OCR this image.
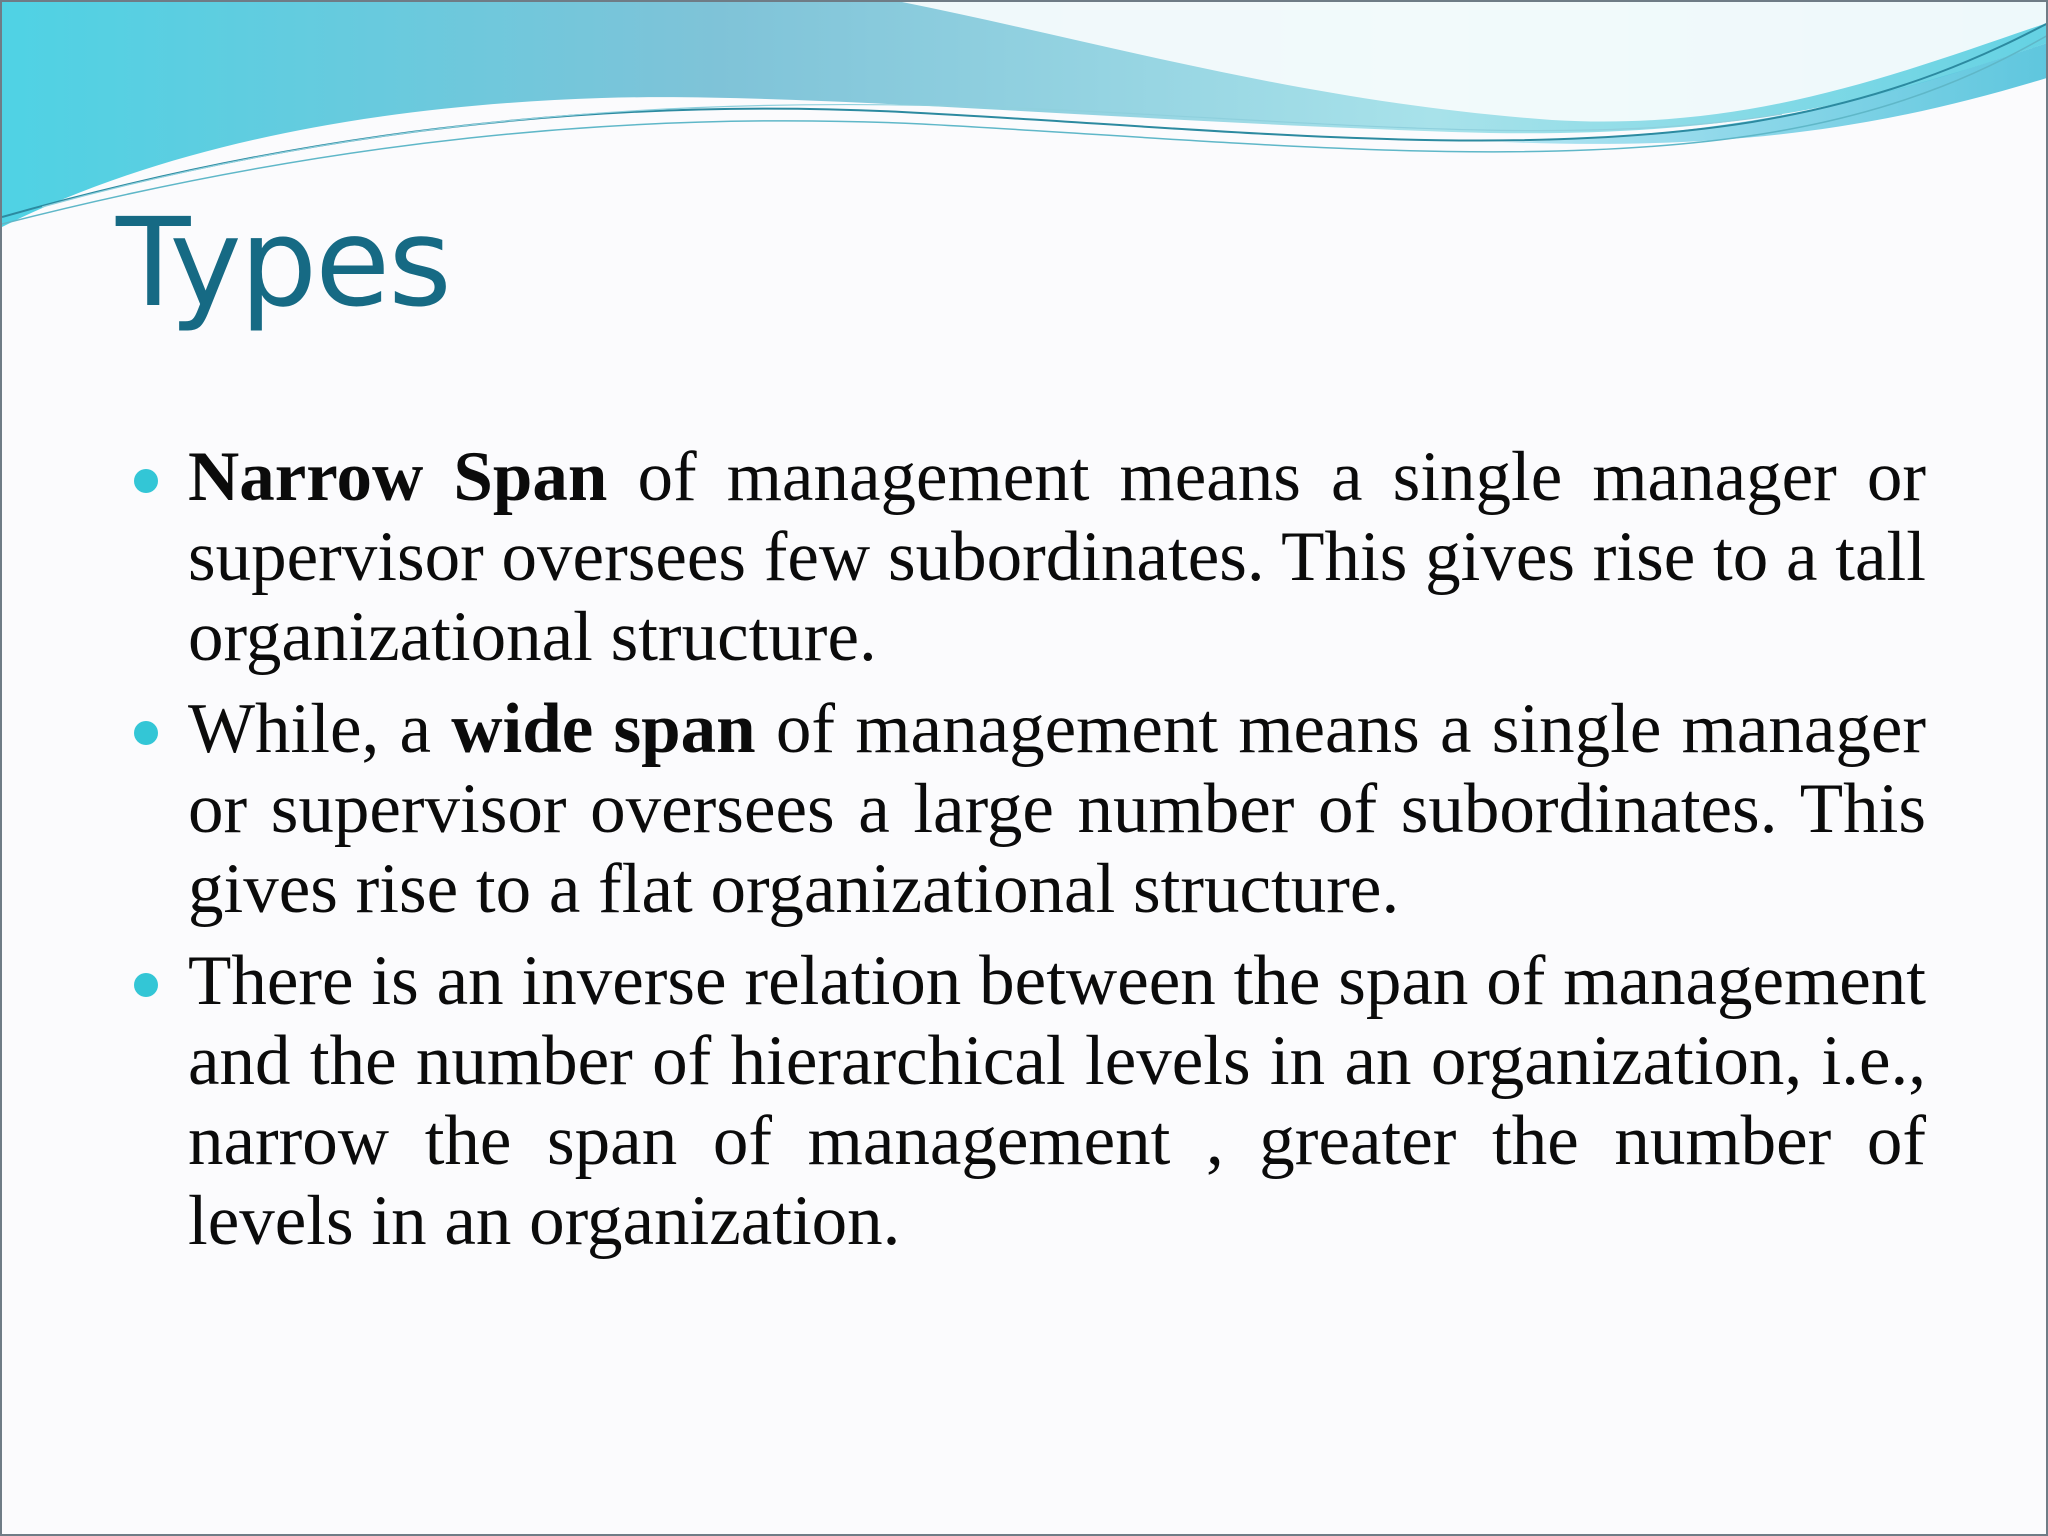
Types

Narrow Span of management means a single manager or supervisor oversees few subordinates. This gives rise to a tall organizational structure.

While, a wide span of management means a single manager or supervisor oversees a large number of subordinates. This gives rise to a flat organizational structure.

There is an inverse relation between the span of management and the number of hierarchical levels in an organization, i.e., narrow the span of management , greater the number of levels in an organization.
